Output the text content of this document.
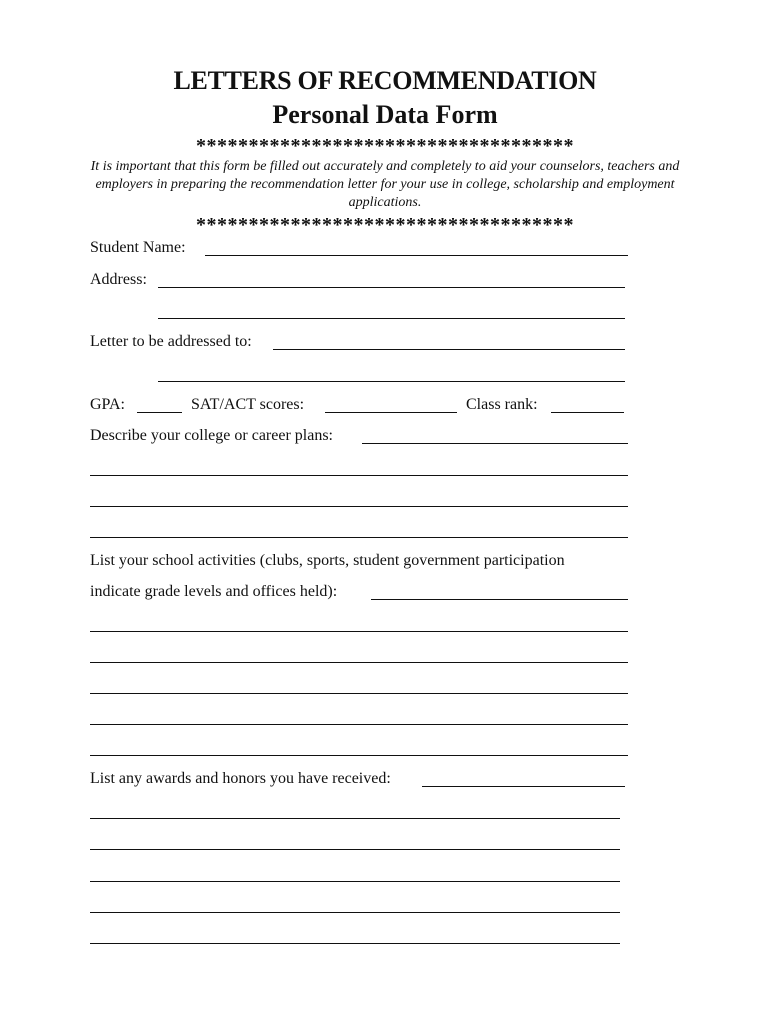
LETTERS OF RECOMMENDATION
Personal Data Form
************************************
It is important that this form be filled out accurately and completely to aid your counselors, teachers and employers in preparing the recommendation letter for your use in college, scholarship and employment applications.
************************************
Student Name:
Address:
Letter to be addressed to:
GPA:	SAT/ACT scores:	Class rank:
Describe your college or career plans:
List your school activities (clubs, sports, student government participation
indicate grade levels and offices held):
List any awards and honors you have received:
